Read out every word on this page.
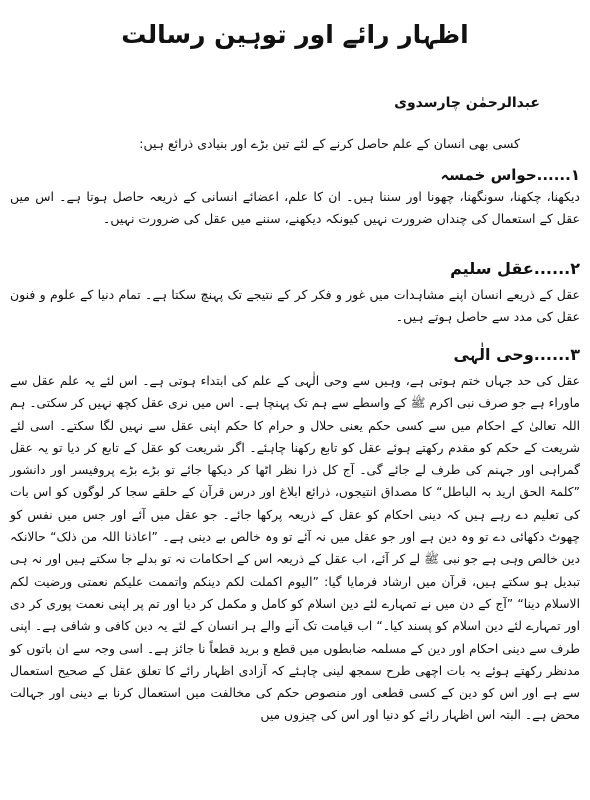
اظہار رائے اور توہین رسالت
عبدالرحمٰن چارسدوی
کسی بھی انسان کے علم حاصل کرنے کے لئے تین بڑے اور بنیادی ذرائع ہیں:
۱......حواس خمسہ

دیکھنا، چکھنا، سونگھنا، چھونا اور سننا ہیں۔ ان کا علم، اعضائے انسانی کے ذریعہ حاصل ہوتا ہے۔ اس میں عقل کے استعمال کی چنداں ضرورت نہیں کیونکہ دیکھنے، سننے میں عقل کی ضرورت نہیں۔

۲......عقل سلیم

عقل کے ذریعے انسان اپنے مشاہدات میں غور و فکر کر کے نتیجے تک پہنچ سکتا ہے۔ تمام دنیا کے علوم و فنون عقل کی مدد سے حاصل ہوتے ہیں۔

۳......وحی الٰہی

عقل کی حد جہاں ختم ہوتی ہے، وہیں سے وحی الٰہی کے علم کی ابتداء ہوتی ہے۔ اس لئے یہ علم عقل سے ماوراء ہے جو صرف نبی اکرم ﷺ کے واسطے سے ہم تک پہنچا ہے۔ اس میں نری عقل کچھ نہیں کر سکتی۔ ہم اللہ تعالیٰ کے احکام میں سے کسی حکم یعنی حلال و حرام کا حکم اپنی عقل سے نہیں لگا سکتے۔ اسی لئے شریعت کے حکم کو مقدم رکھتے ہوئے عقل کو تابع رکھنا چاہئے۔ اگر شریعت کو عقل کے تابع کر دیا تو یہ عقل گمراہی اور جہنم کی طرف لے جائے گی۔ آج کل ذرا نظر اٹھا کر دیکھا جائے تو بڑے بڑے پروفیسر اور دانشور ”کلمۃ الحق ارید بہ الباطل“ کا مصداق انتیجوں، ذرائع ابلاغ اور درس قرآن کے حلقے سجا کر لوگوں کو اس بات کی تعلیم دے رہے ہیں کہ دینی احکام کو عقل کے ذریعہ پرکھا جائے۔ جو عقل میں آئے اور جس میں نفس کو چھوٹ دکھائی دے تو وہ دین ہے اور جو عقل میں نہ آئے تو وہ خالص بے دینی ہے۔ ”اعاذنا اللہ من ذلک“ حالانکہ دین خالص وہی ہے جو نبی ﷺ لے کر آئے، اب عقل کے ذریعہ اس کے احکامات نہ تو بدلے جا سکتے ہیں اور نہ ہی تبدیل ہو سکتے ہیں، قرآن میں ارشاد فرمایا گیا: ”الیوم اکملت لکم دینکم واتممت علیکم نعمتی ورضیت لکم الاسلام دینا“ ”آج کے دن میں نے تمہارے لئے دین اسلام کو کامل و مکمل کر دیا اور تم پر اپنی نعمت پوری کر دی اور تمہارے لئے دین اسلام کو پسند کیا۔“ اب قیامت تک آنے والے ہر انسان کے لئے یہ دین کافی و شافی ہے۔ اپنی طرف سے دینی احکام اور دین کے مسلمہ ضابطوں میں قطع و برید قطعاً نا جائز ہے۔ اسی وجہ سے ان باتوں کو مدنظر رکھتے ہوئے یہ بات اچھی طرح سمجھ لینی چاہئے کہ آزادی اظہار رائے کا تعلق عقل کے صحیح استعمال سے ہے اور اس کو دین کے کسی قطعی اور منصوص حکم کی مخالفت میں استعمال کرنا بے دینی اور جہالت محض ہے۔ البتہ اس اظہار رائے کو دنیا اور اس کی چیزوں میں
